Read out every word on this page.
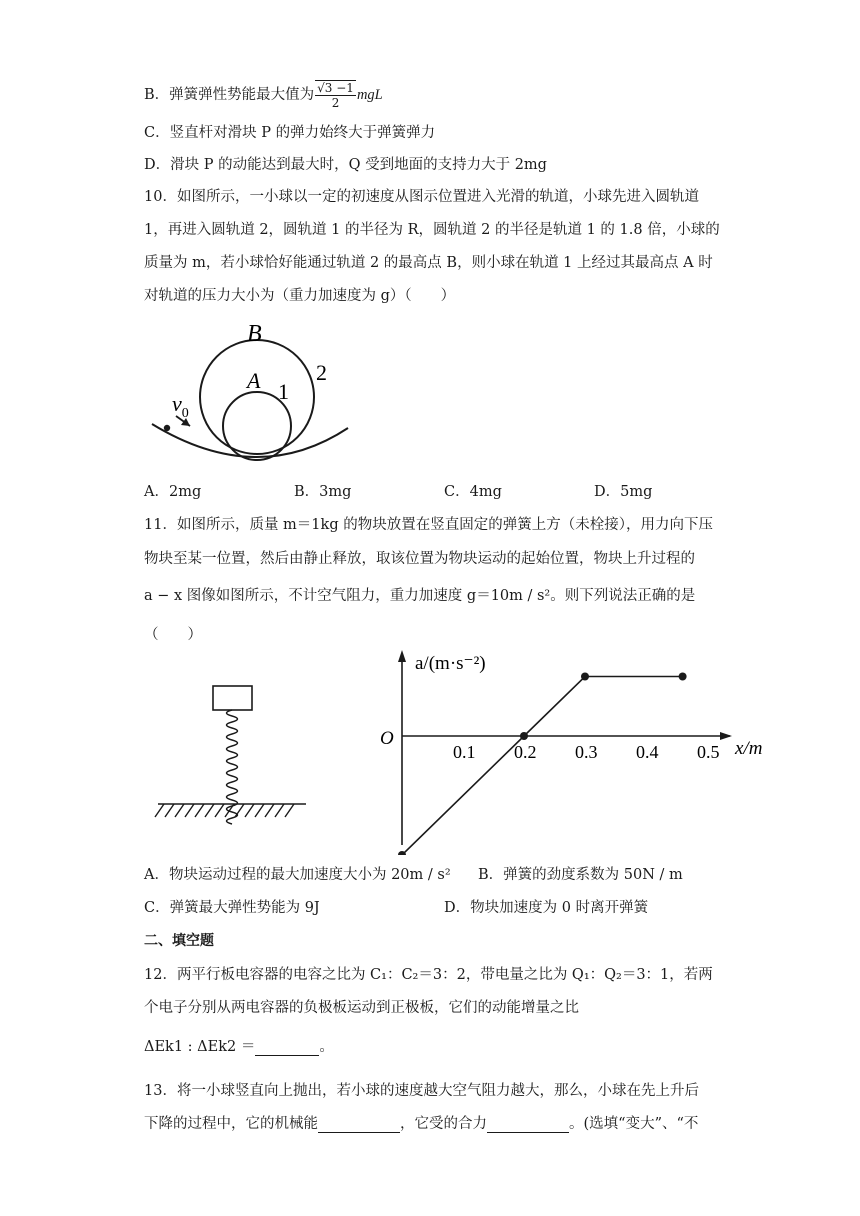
B．弹簧弹性势能最大值为 $\frac{√3 -1}{2}$ mgL
C．竖直杆对滑块 P 的弹力始终大于弹簧弹力
D．滑块 P 的动能达到最大时，Q 受到地面的支持力大于 2mg
10．如图所示，一小球以一定的初速度从图示位置进入光滑的轨道，小球先进入圆轨道
1，再进入圆轨道 2，圆轨道 1 的半径为 R，圆轨道 2 的半径是轨道 1 的 1.8 倍，小球的
质量为 m，若小球恰好能通过轨道 2 的最高点 B，则小球在轨道 1 上经过其最高点 A 时
对轨道的压力大小为（重力加速度为 g）（　　）
B
A 1
2
$v_0$
A．2mg	B．3mg	C．4mg	D．5mg
11．如图所示，质量 m＝1kg 的物块放置在竖直固定的弹簧上方（未栓接），用力向下压
物块至某一位置，然后由静止释放，取该位置为物块运动的起始位置，物块上升过程的
a − x 图像如图所示，不计空气阻力，重力加速度 g＝10m / s²。则下列说法正确的是
（　　）
0.1 0.2 0.3 0.4 0.5
a/(m·s⁻²)
x/m
O
A．物块运动过程的最大加速度大小为 20m / s² B．弹簧的劲度系数为 50N / m
C．弹簧最大弹性势能为 9J	D．物块加速度为 0 时离开弹簧
二、填空题
12．两平行板电容器的电容之比为 C₁：C₂＝3：2，带电量之比为 Q₁：Q₂＝3：1，若两
个电子分别从两电容器的负极板运动到正极板，它们的动能增量之比
ΔEk1 : ΔEk2 ＝	。
13．将一小球竖直向上抛出，若小球的速度越大空气阻力越大，那么，小球在先上升后
下降的过程中，它的机械能	，它受的合力	。(选填“变大”、“不
